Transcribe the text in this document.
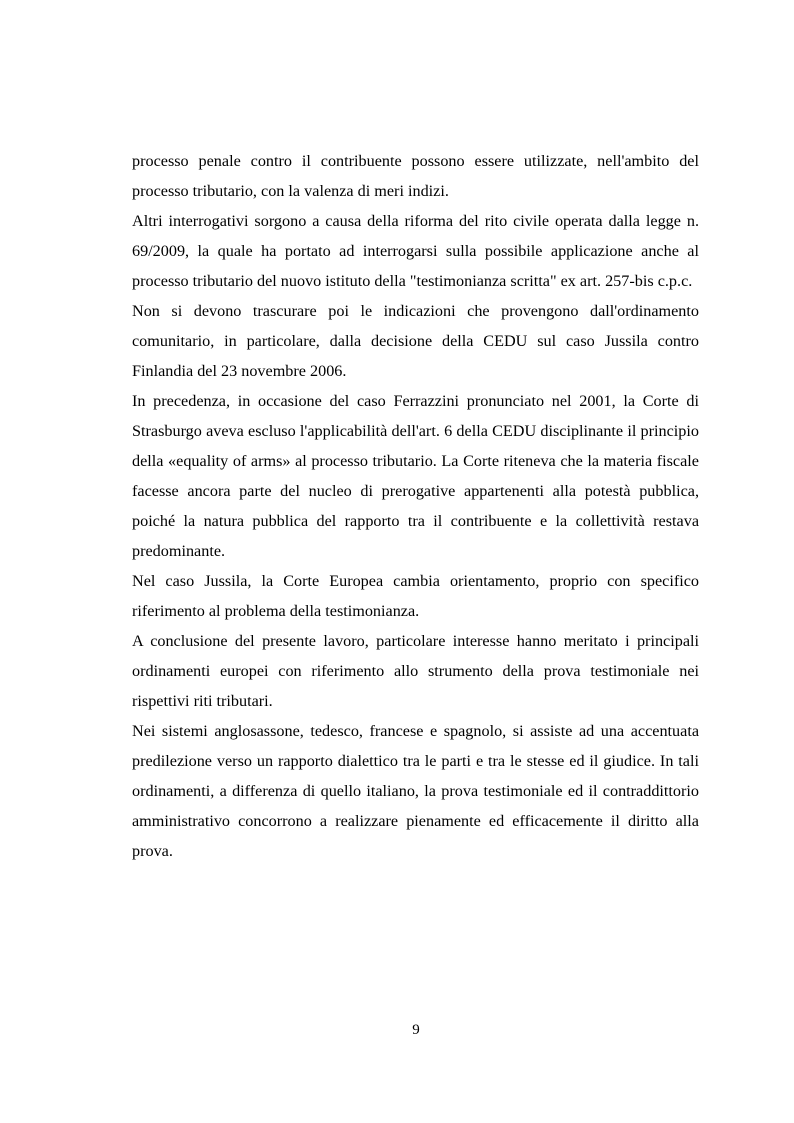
processo penale contro il contribuente possono essere utilizzate, nell'ambito del processo tributario, con la valenza di meri indizi.

Altri interrogativi sorgono a causa della riforma del rito civile operata dalla legge n. 69/2009, la quale ha portato ad interrogarsi sulla possibile applicazione anche al processo tributario del nuovo istituto della "testimonianza scritta" ex art. 257-bis c.p.c.

Non si devono trascurare poi le indicazioni che provengono dall'ordinamento comunitario, in particolare, dalla decisione della CEDU sul caso Jussila contro Finlandia del 23 novembre 2006.

In precedenza, in occasione del caso Ferrazzini pronunciato nel 2001, la Corte di Strasburgo aveva escluso l'applicabilità dell'art. 6 della CEDU disciplinante il principio della «equality of arms» al processo tributario. La Corte riteneva che la materia fiscale facesse ancora parte del nucleo di prerogative appartenenti alla potestà pubblica, poiché la natura pubblica del rapporto tra il contribuente e la collettività restava predominante.

Nel caso Jussila, la Corte Europea cambia orientamento, proprio con specifico riferimento al problema della testimonianza.

A conclusione del presente lavoro, particolare interesse hanno meritato i principali ordinamenti europei con riferimento allo strumento della prova testimoniale nei rispettivi riti tributari.

Nei sistemi anglosassone, tedesco, francese e spagnolo, si assiste ad una accentuata predilezione verso un rapporto dialettico tra le parti e tra le stesse ed il giudice. In tali ordinamenti, a differenza di quello italiano, la prova testimoniale ed il contraddittorio amministrativo concorrono a realizzare pienamente ed efficacemente il diritto alla prova.

9
